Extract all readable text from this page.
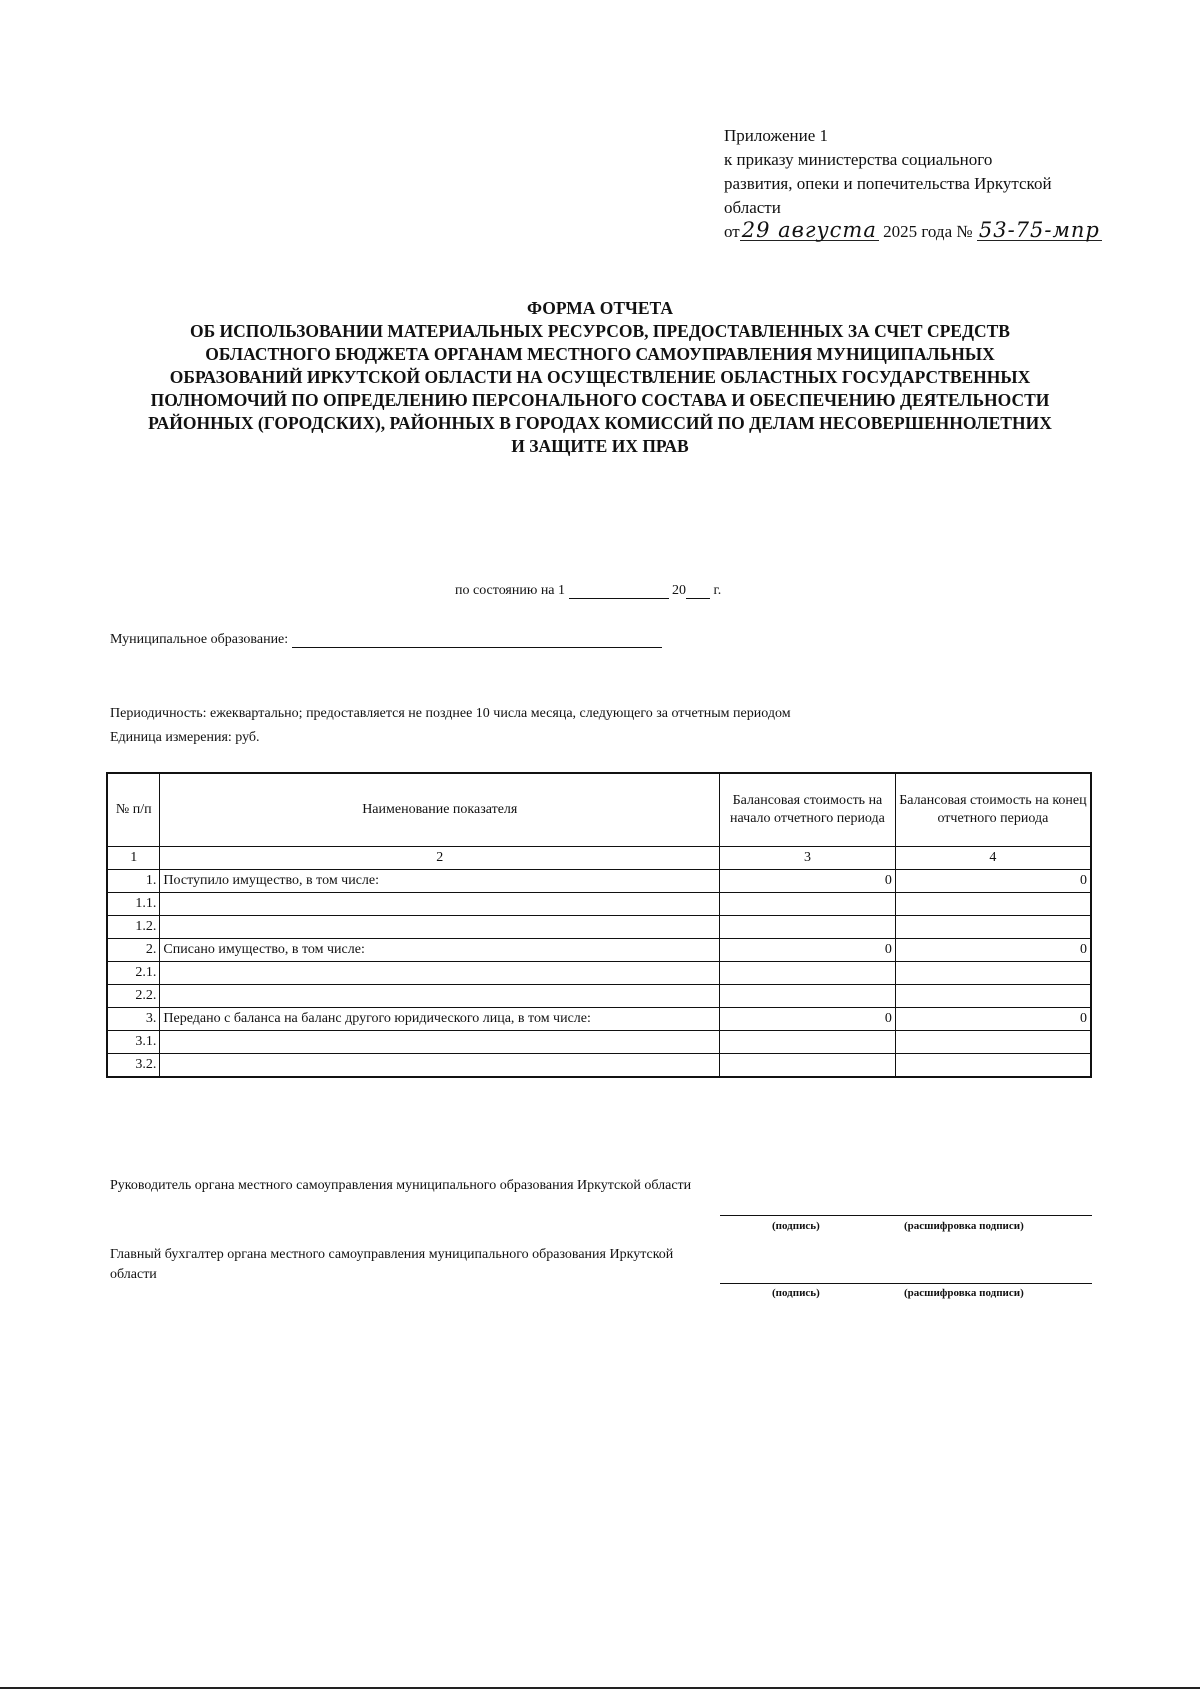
Приложение 1
к приказу министерства социального
развития, опеки и попечительства Иркутской
области
от29 августа 2025 года № 53-75-мпр
ФОРМА ОТЧЕТА
ОБ ИСПОЛЬЗОВАНИИ МАТЕРИАЛЬНЫХ РЕСУРСОВ, ПРЕДОСТАВЛЕННЫХ ЗА СЧЕТ СРЕДСТВ
ОБЛАСТНОГО БЮДЖЕТА ОРГАНАМ МЕСТНОГО САМОУПРАВЛЕНИЯ МУНИЦИПАЛЬНЫХ
ОБРАЗОВАНИЙ ИРКУТСКОЙ ОБЛАСТИ НА ОСУЩЕСТВЛЕНИЕ ОБЛАСТНЫХ ГОСУДАРСТВЕННЫХ
ПОЛНОМОЧИЙ ПО ОПРЕДЕЛЕНИЮ ПЕРСОНАЛЬНОГО СОСТАВА И ОБЕСПЕЧЕНИЮ ДЕЯТЕЛЬНОСТИ
РАЙОННЫХ (ГОРОДСКИХ), РАЙОННЫХ В ГОРОДАХ КОМИССИЙ ПО ДЕЛАМ НЕСОВЕРШЕННОЛЕТНИХ
И ЗАЩИТЕ ИХ ПРАВ
по состоянию на 1	20 г.
Муниципальное образование:
Периодичность: ежеквартально; предоставляется не позднее 10 числа месяца, следующего за отчетным периодом
Единица измерения: руб.
№ п/п	Наименование показателя	Балансовая стоимость на начало отчетного периода	Балансовая стоимость на конец отчетного периода
1	2	3	4
1.	Поступило имущество, в том числе:	0	0
1.1.			
1.2.			
2.	Списано имущество, в том числе:	0	0
2.1.			
2.2.			
3.	Передано с баланса на баланс другого юридического лица, в том числе:	0	0
3.1.			
3.2.			
Руководитель органа местного самоуправления муниципального образования Иркутской области
(подпись)	(расшифровка подписи)
Главный бухгалтер органа местного самоуправления муниципального образования Иркутской области
(подпись)	(расшифровка подписи)
